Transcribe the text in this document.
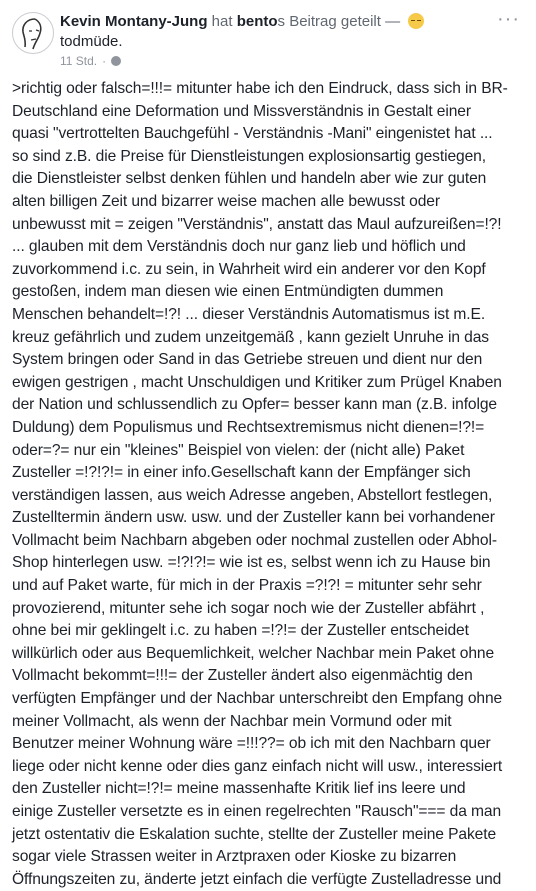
Kevin Montany-Jung hat bentos Beitrag geteilt —
todmüde.
11 Std. ·
···
>richtig oder falsch=!!!= mitunter habe ich den Eindruck, dass sich in BR-
Deutschland eine Deformation und Missverständnis in Gestalt einer
quasi "vertrottelten Bauchgefühl - Verständnis -Mani" eingenistet hat ...
so sind z.B. die Preise für Dienstleistungen explosionsartig gestiegen,
die Dienstleister selbst denken fühlen und handeln aber wie zur guten
alten billigen Zeit und bizarrer weise machen alle bewusst oder
unbewusst mit = zeigen "Verständnis", anstatt das Maul aufzureißen=!?!
... glauben mit dem Verständnis doch nur ganz lieb und höflich und
zuvorkommend i.c. zu sein, in Wahrheit wird ein anderer vor den Kopf
gestoßen, indem man diesen wie einen Entmündigten dummen
Menschen behandelt=!?! ... dieser Verständnis Automatismus ist m.E.
kreuz gefährlich und zudem unzeitgemäß , kann gezielt Unruhe in das
System bringen oder Sand in das Getriebe streuen und dient nur den
ewigen gestrigen , macht Unschuldigen und Kritiker zum Prügel Knaben
der Nation und schlussendlich zu Opfer= besser kann man (z.B. infolge
Duldung) dem Populismus und Rechtsextremismus nicht dienen=!?!=
oder=?= nur ein "kleines" Beispiel von vielen: der (nicht alle) Paket
Zusteller =!?!?!= in einer info.Gesellschaft kann der Empfänger sich
verständigen lassen, aus weich Adresse angeben, Abstellort festlegen,
Zustelltermin ändern usw. usw. und der Zusteller kann bei vorhandener
Vollmacht beim Nachbarn abgeben oder nochmal zustellen oder Abhol-
Shop hinterlegen usw. =!?!?!= wie ist es, selbst wenn ich zu Hause bin
und auf Paket warte, für mich in der Praxis =?!?! = mitunter sehr sehr
provozierend, mitunter sehe ich sogar noch wie der Zusteller abfährt ,
ohne bei mir geklingelt i.c. zu haben =!?!= der Zusteller entscheidet
willkürlich oder aus Bequemlichkeit, welcher Nachbar mein Paket ohne
Vollmacht bekommt=!!!= der Zusteller ändert also eigenmächtig den
verfügten Empfänger und der Nachbar unterschreibt den Empfang ohne
meiner Vollmacht, als wenn der Nachbar mein Vormund oder mit
Benutzer meiner Wohnung wäre =!!!??= ob ich mit den Nachbarn quer
liege oder nicht kenne oder dies ganz einfach nicht will usw., interessiert
den Zusteller nicht=!?!= meine massenhafte Kritik lief ins leere und
einige Zusteller versetzte es in einen regelrechten "Rausch"=== da man
jetzt ostentativ die Eskalation suchte, stellte der Zusteller meine Pakete
sogar viele Strassen weiter in Arztpraxen oder Kioske zu bizarren
Öffnungszeiten zu, änderte jetzt einfach die verfügte Zustelladresse und
